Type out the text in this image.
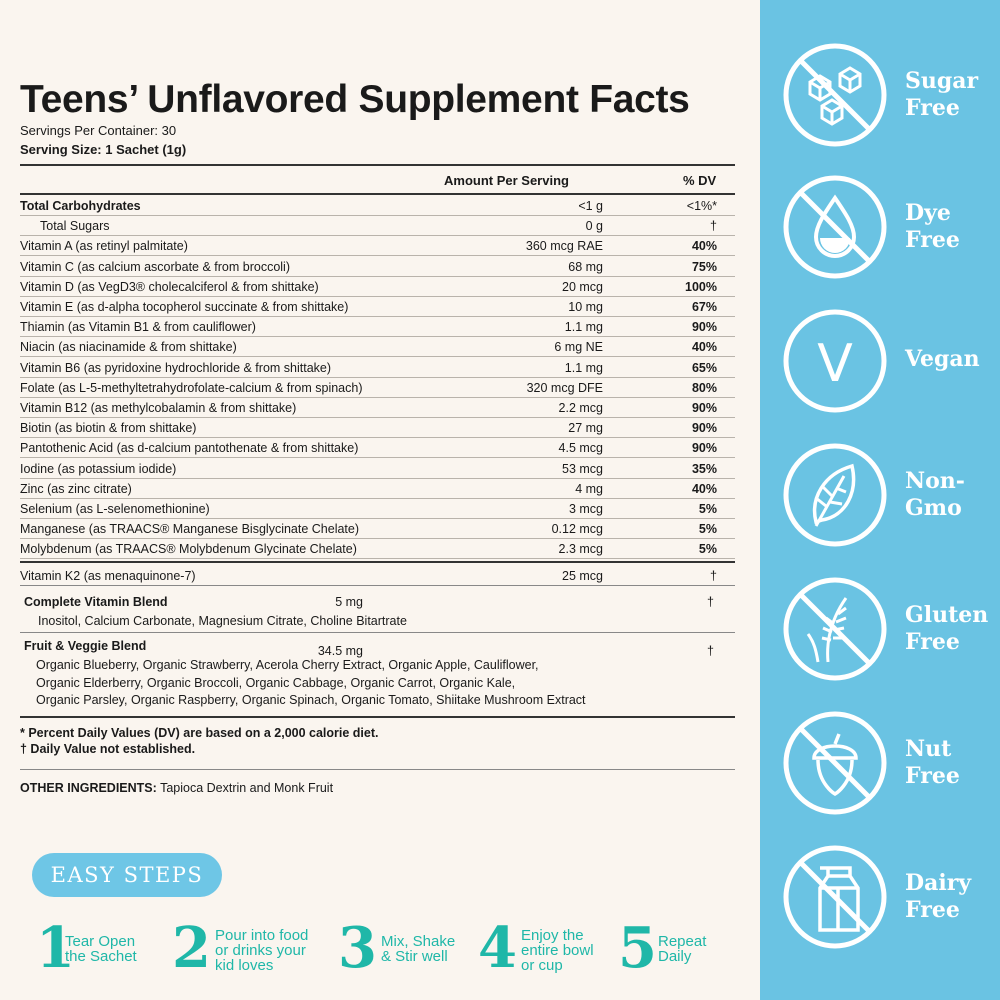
Teens’ Unflavored Supplement Facts
Servings Per Container: 30
Serving Size: 1 Sachet (1g)
Amount Per Serving	% DV
Total Carbohydrates	<1 g	<1%*
Total Sugars	0 g	†
Vitamin A (as retinyl palmitate)	360 mcg RAE	40%
Vitamin C (as calcium ascorbate & from broccoli)	68 mg	75%
Vitamin D (as VegD3® cholecalciferol & from shittake)	20 mcg	100%
Vitamin E (as d-alpha tocopherol succinate & from shittake)	10 mg	67%
Thiamin (as Vitamin B1 & from cauliflower)	1.1 mg	90%
Niacin (as niacinamide & from shittake)	6 mg NE	40%
Vitamin B6 (as pyridoxine hydrochloride & from shittake)	1.1 mg	65%
Folate (as L-5-methyltetrahydrofolate-calcium & from spinach)	320 mcg DFE	80%
Vitamin B12 (as methylcobalamin & from shittake)	2.2 mcg	90%
Biotin (as biotin & from shittake)	27 mg	90%
Pantothenic Acid (as d-calcium pantothenate & from shittake)	4.5 mcg	90%
Iodine (as potassium iodide)	53 mcg	35%
Zinc (as zinc citrate)	4 mg	40%
Selenium (as L-selenomethionine)	3 mcg	5%
Manganese (as TRAACS® Manganese Bisglycinate Chelate)	0.12 mcg	5%
Molybdenum (as TRAACS® Molybdenum Glycinate Chelate)	2.3 mcg	5%
Vitamin K2 (as menaquinone-7)	25 mcg	†
Complete Vitamin Blend	5 mg	†
Inositol, Calcium Carbonate, Magnesium Citrate, Choline Bitartrate
Fruit & Veggie Blend	34.5 mg	†
Organic Blueberry, Organic Strawberry, Acerola Cherry Extract, Organic Apple, Cauliflower,
Organic Elderberry, Organic Broccoli, Organic Cabbage, Organic Carrot, Organic Kale,
Organic Parsley, Organic Raspberry, Organic Spinach, Organic Tomato, Shiitake Mushroom Extract
* Percent Daily Values (DV) are based on a 2,000 calorie diet.
† Daily Value not established.
OTHER INGREDIENTS: Tapioca Dextrin and Monk Fruit
EASY STEPS
1
Tear Open
the Sachet 2 Pour into food
or drinks your
kid loves	3 Mix, Shake
& Stir well 4 Enjoy the
entire bowl
or cup 5 Repeat
Daily
Sugar
Free
Dye
Free
V Vegan
Non-
Gmo
Gluten
Free
Nut
Free
Dairy
Free
